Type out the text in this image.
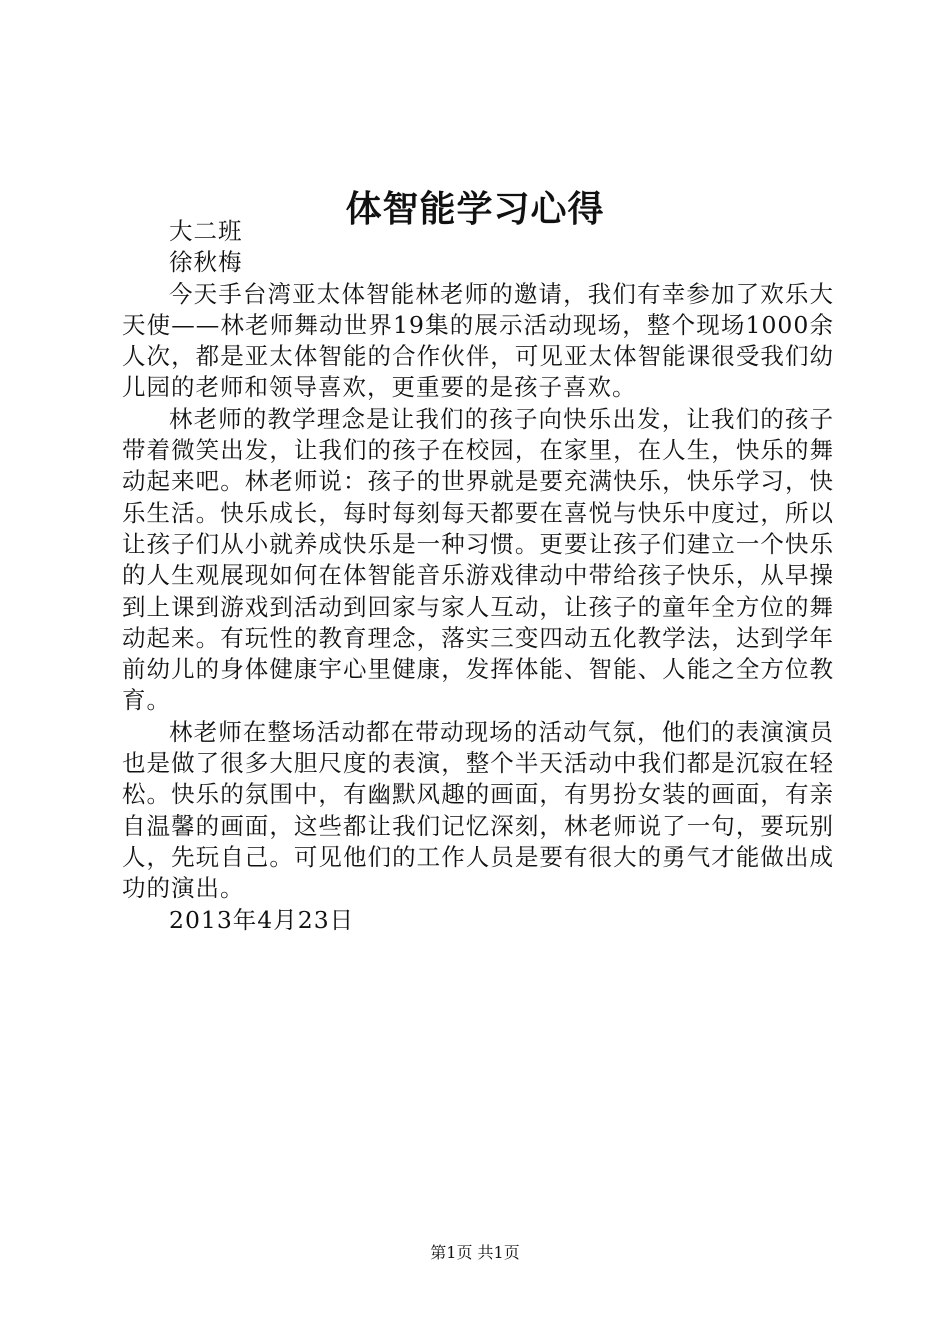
体智能学习心得

大二班

徐秋梅

今天手台湾亚太体智能林老师的邀请，我们有幸参加了欢乐大天使——林老师舞动世界19集的展示活动现场，整个现场1000余人次，都是亚太体智能的合作伙伴，可见亚太体智能课很受我们幼儿园的老师和领导喜欢，更重要的是孩子喜欢。

林老师的教学理念是让我们的孩子向快乐出发，让我们的孩子带着微笑出发，让我们的孩子在校园，在家里，在人生，快乐的舞动起来吧。林老师说：孩子的世界就是要充满快乐，快乐学习，快乐生活。快乐成长，每时每刻每天都要在喜悦与快乐中度过，所以让孩子们从小就养成快乐是一种习惯。更要让孩子们建立一个快乐的人生观展现如何在体智能音乐游戏律动中带给孩子快乐，从早操到上课到游戏到活动到回家与家人互动，让孩子的童年全方位的舞动起来。有玩性的教育理念，落实三变四动五化教学法，达到学年前幼儿的身体健康宇心里健康，发挥体能、智能、人能之全方位教育。

林老师在整场活动都在带动现场的活动气氛，他们的表演演员也是做了很多大胆尺度的表演，整个半天活动中我们都是沉寂在轻松。快乐的氛围中，有幽默风趣的画面，有男扮女装的画面，有亲自温馨的画面，这些都让我们记忆深刻，林老师说了一句，要玩别人，先玩自己。可见他们的工作人员是要有很大的勇气才能做出成功的演出。

2013年4月23日

第1页 共1页
